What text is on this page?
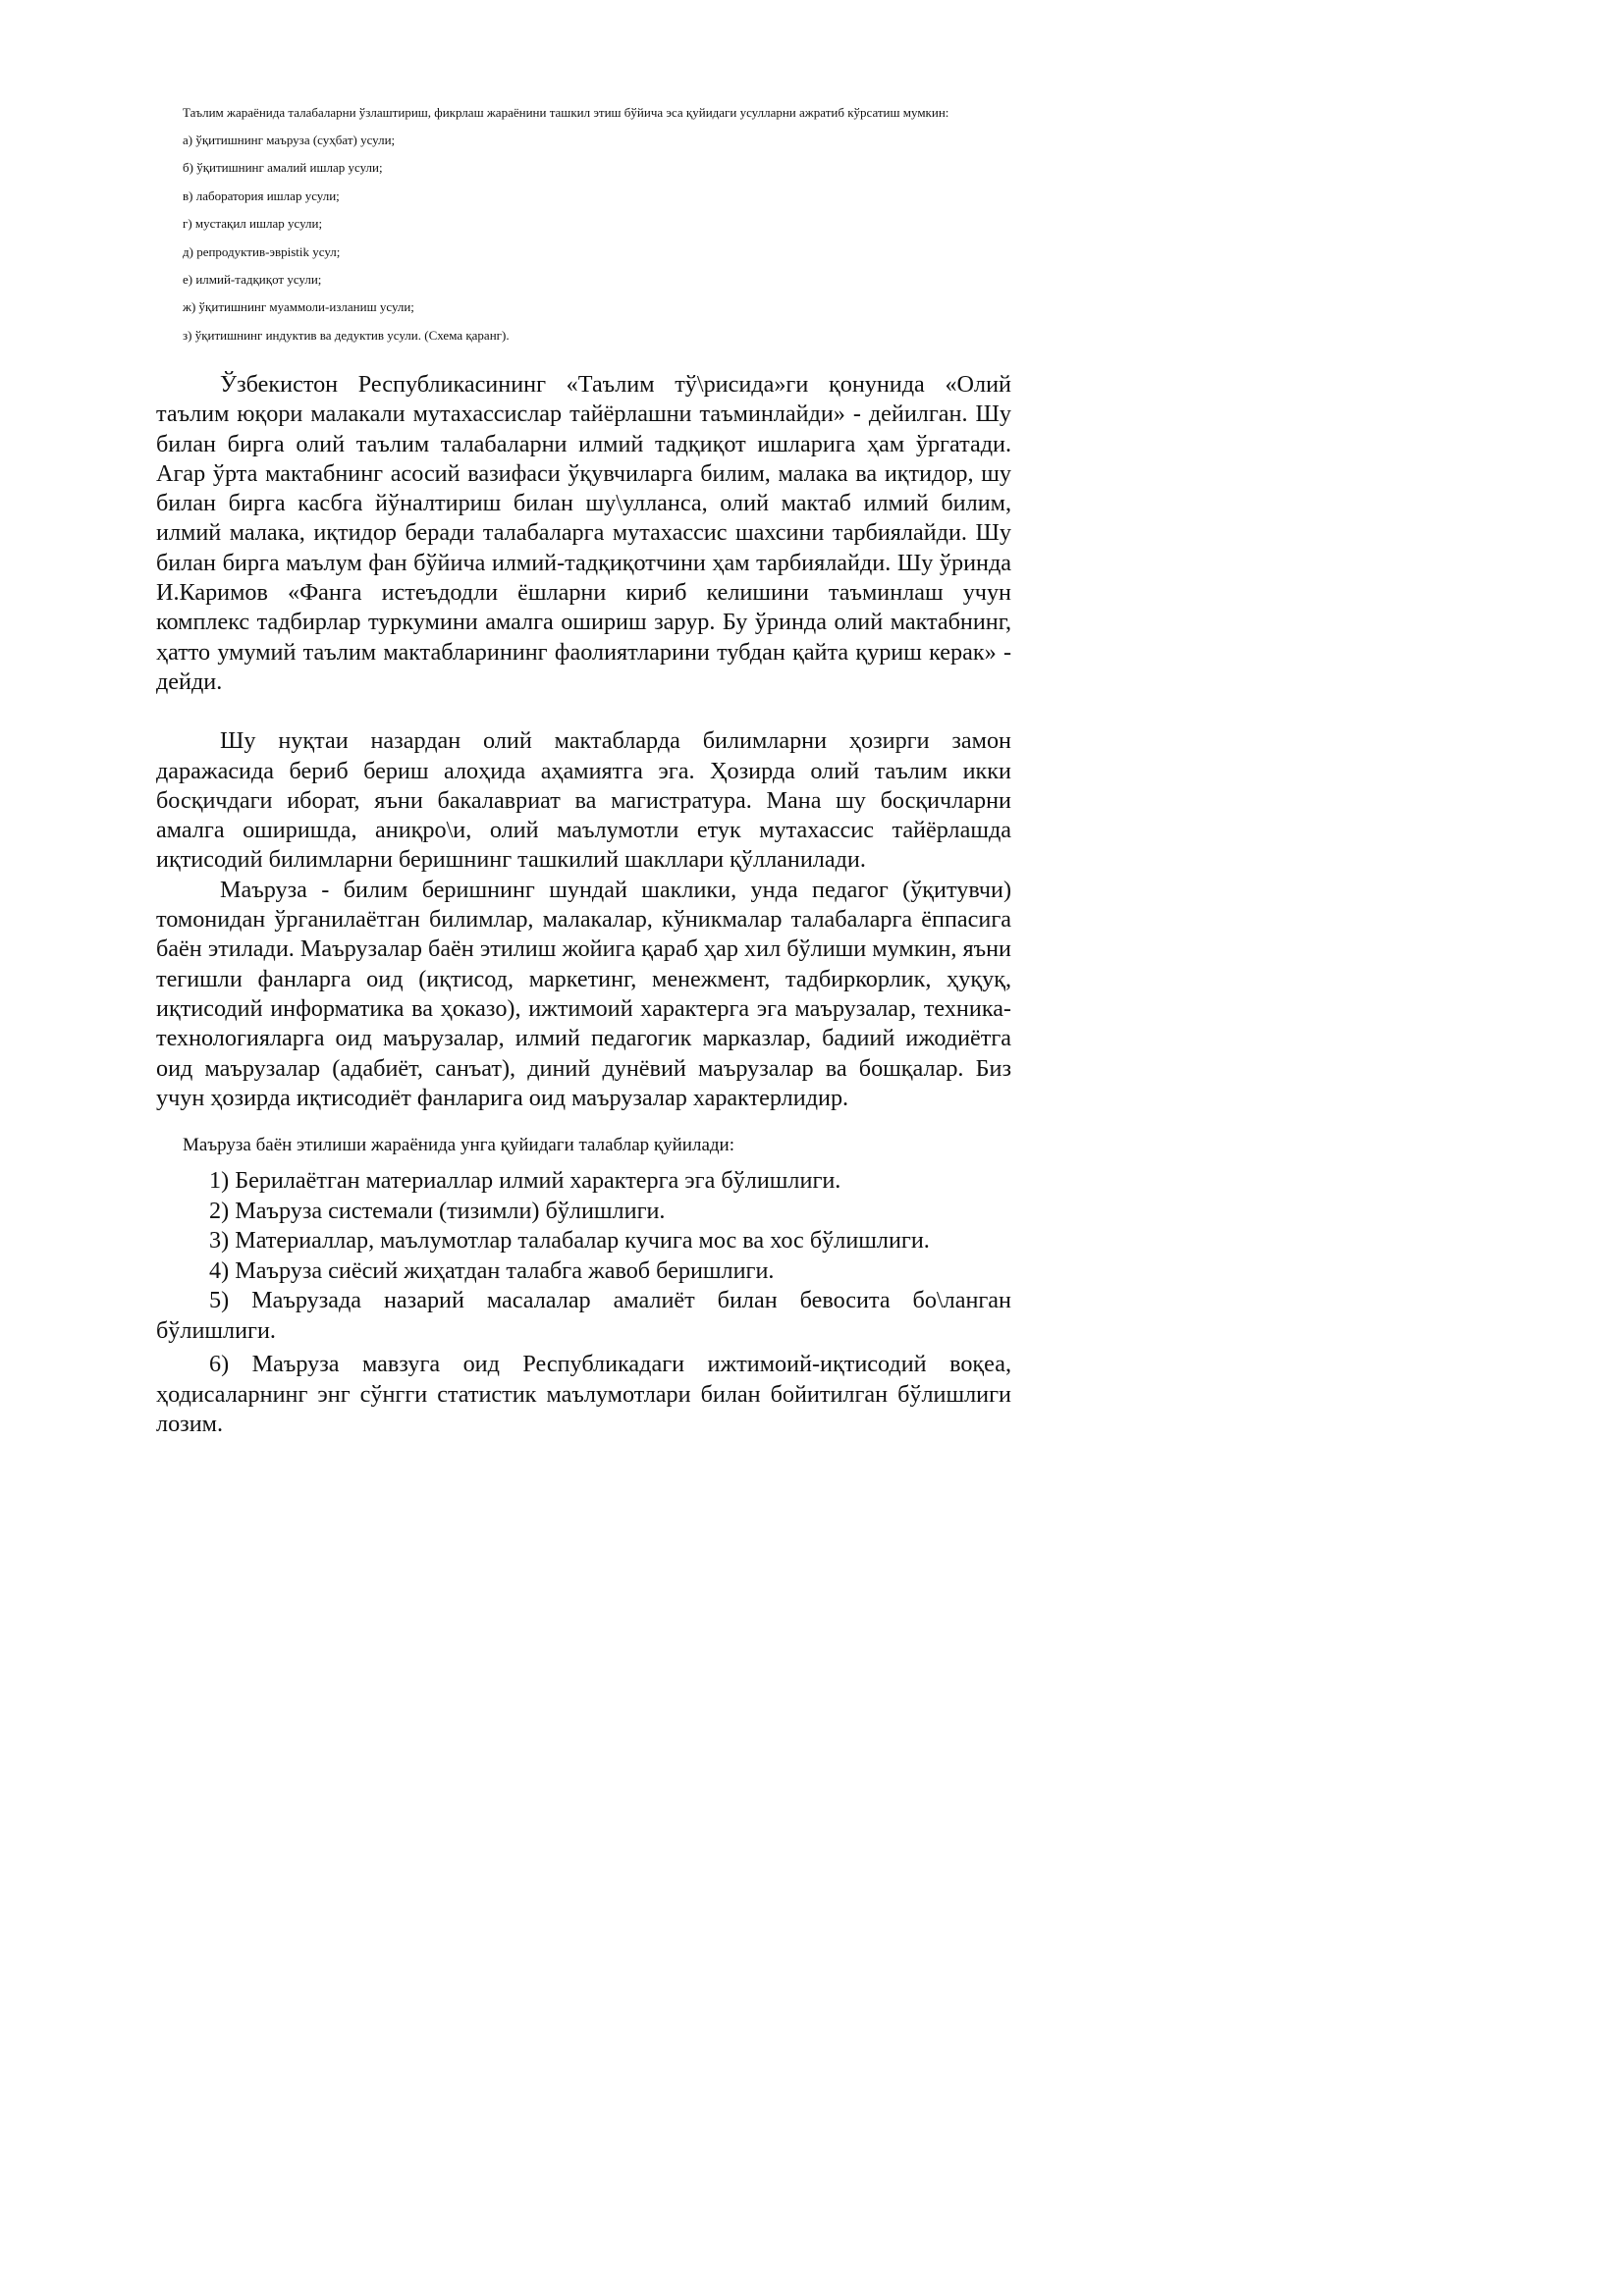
Таълим жараёнида талабаларни ўзлаштириш, фикрлаш жараёнини ташкил этиш бўйича эса қуйидаги усулларни ажратиб кўрсатиш мумкин:

а) ўқитишнинг маъруза (суҳбат) усули;
б) ўқитишнинг амалий ишлар усули;
в) лаборатория ишлар усули;
г) мустақил ишлар усули;
д) репродуктив-эврistik усул;
е) илмий-тадқиқот усули;
ж) ўқитишнинг муаммоли-изланиш усули;
з) ўқитишнинг индуктив ва дедуктив усули. (Схема қаранг).

Ўзбекистон Республикасининг «Таълим тў\рисида»ги қонунида «Олий таълим юқори малакали мутахассислар тайёрлашни таъминлайди» - дейилган. Шу билан бирга олий таълим талабаларни илмий тадқиқот ишларига ҳам ўргатади. Агар ўрта мактабнинг асосий вазифаси ўқувчиларга билим, малака ва иқтидор, шу билан бирга касбга йўналтириш билан шу\улланса, олий мактаб илмий билим, илмий малака, иқтидор беради талабаларга мутахассис шахсини тарбиялайди. Шу билан бирга маълум фан бўйича илмий-тадқиқотчини ҳам тарбиялайди. Шу ўринда И.Каримов «Фанга истеъдодли ёшларни кириб келишини таъминлаш учун комплекс тадбирлар туркумини амалга ошириш зарур. Бу ўринда олий мактабнинг, ҳатто умумий таълим мактабларининг фаолиятларини тубдан қайта қуриш керак» - дейди.

Шу нуқтаи назардан олий мактабларда билимларни ҳозирги замон даражасида бериб бериш алоҳида аҳамиятга эга. Ҳозирда олий таълим икки босқичдаги иборат, яъни бакалавриат ва магистратура. Мана шу босқичларни амалга оширишда, аниқро\и, олий маълумотли етук мутахассис тайёрлашда иқтисодий билимларни беришнинг ташкилий шакллари қўлланилади.

Маъруза - билим беришнинг шундай шаклики, унда педагог (ўқитувчи) томонидан ўрганилаётган билимлар, малакалар, кўникмалар талабаларга ёппасига баён этилади. Маърузалар баён этилиш жойига қараб ҳар хил бўлиши мумкин, яъни тегишли фанларга оид (иқтисод, маркетинг, менежмент, тадбиркорлик, ҳуқуқ, иқтисодий информатика ва ҳоказо), ижтимоий характерга эга маърузалар, техника-технологияларга оид маърузалар, илмий педагогик марказлар, бадиий ижодиётга оид маърузалар (адабиёт, санъат), диний дунёвий маърузалар ва бошқалар. Биз учун ҳозирда иқтисодиёт фанларига оид маърузалар характерлидир.

Маъруза баён этилиши жараёнида унга қуйидаги талаблар қуйилади:

1) Берилаётган материаллар илмий характерга эга бўлишлиги.

2) Маъруза системали (тизимли) бўлишлиги.

3) Материаллар, маълумотлар талабалар кучига мос ва хос бўлишлиги.

4) Маъруза сиёсий жиҳатдан талабга жавоб беришлиги.

5) Маърузада назарий масалалар амалиёт билан бевосита бо\ланган бўлишлиги.

6) Маъруза мавзуга оид Республикадаги ижтимоий-иқтисодий воқеа, ҳодисаларнинг энг сўнгги статистик маълумотлари билан бойитилган бўлишлиги лозим.
